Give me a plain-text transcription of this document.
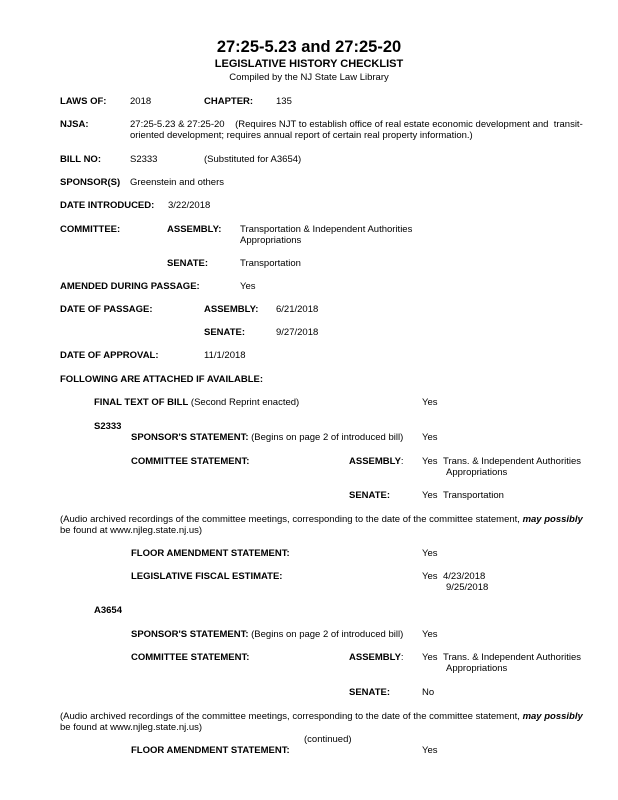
27:25-5.23 and 27:25-20
LEGISLATIVE HISTORY CHECKLIST
Compiled by the NJ State Law Library
LAWS OF: 2018	CHAPTER: 135
NJSA:	27:25-5.23 & 27:25-20    (Requires NJT to establish office of real estate economic development and  transit-
oriented development; requires annual report of certain real property information.)
BILL NO:	S2333	(Substituted for A3654)
SPONSOR(S) Greenstein and others
DATE INTRODUCED: 3/22/2018
COMMITTEE:	ASSEMBLY: Transportation & Independent Authorities
Appropriations
SENATE:	Transportation
AMENDED DURING PASSAGE:	Yes
DATE OF PASSAGE:	ASSEMBLY: 6/21/2018
SENATE:	9/27/2018
DATE OF APPROVAL:	11/1/2018
FOLLOWING ARE ATTACHED IF AVAILABLE:
FINAL TEXT OF BILL (Second Reprint enacted)	Yes
S2333
SPONSOR'S STATEMENT: (Begins on page 2 of introduced bill) Yes
COMMITTEE STATEMENT:	ASSEMBLY: Yes Trans. & Independent Authorities
Appropriations
SENATE:	Yes Transportation
(Audio archived recordings of the committee meetings, corresponding to the date of the committee statement, may possibly
be found at www.njleg.state.nj.us)
FLOOR AMENDMENT STATEMENT:	Yes
LEGISLATIVE FISCAL ESTIMATE:	Yes 4/23/2018
9/25/2018
A3654
SPONSOR'S STATEMENT: (Begins on page 2 of introduced bill) Yes
COMMITTEE STATEMENT:	ASSEMBLY: Yes Trans. & Independent Authorities
Appropriations
SENATE:	No
(Audio archived recordings of the committee meetings, corresponding to the date of the committee statement, may possibly
be found at www.njleg.state.nj.us)
(continued)
FLOOR AMENDMENT STATEMENT:	Yes
